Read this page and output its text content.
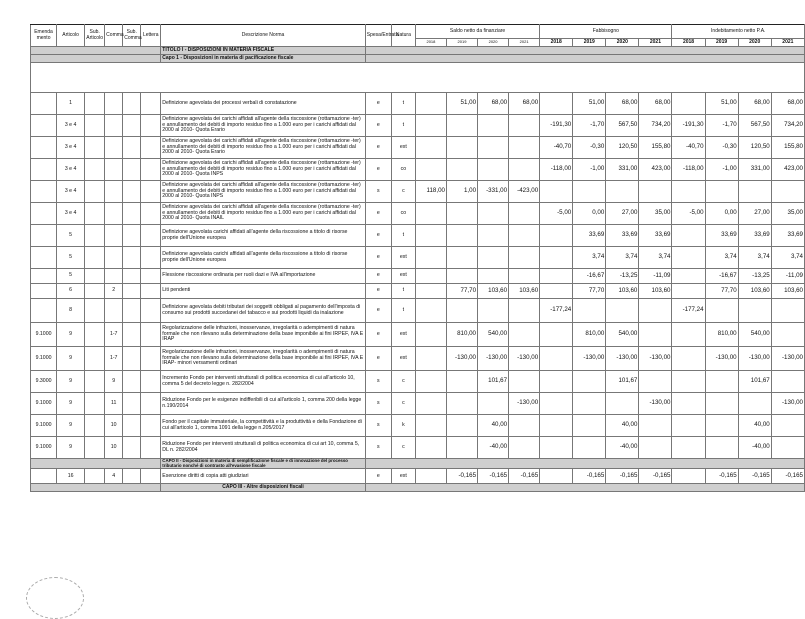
Emenda mento	Articolo	Sub. Articolo	Comma	Sub. Comma	Lettera	Descrizione Norma	Spesa/Entrata	Natura	Saldo netto da finanziare				Fabbisogno				Indebitamento netto P.A.			
									2018	2019	2020	2021	2018	2019	2020	2021	2018	2019	2020	2021
						TITOLO I - DISPOSIZIONI IN MATERIA FISCALE														
						Capo 1 - Disposizioni in materia di pacificazione fiscale														

	1					Definizione agevolata dei processi verbali di constatazione	e	t		51,00	68,00	68,00		51,00	68,00	68,00		51,00	68,00	68,00
	3 e 4					Definizione agevolata dei carichi affidati all'agente della riscossione (rottamazione -ter) e annullamento dei debiti di importo residuo fino a 1.000 euro per i carichi affidati dal 2000 al 2010- Quota Erario	e	t					-191,30	-1,70	567,50	734,20	-191,30	-1,70	567,50	734,20
	3 e 4					Definizione agevolata dei carichi affidati all'agente della riscossione (rottamazione -ter) e annullamento dei debiti di importo residuo fino a 1.000 euro per i carichi affidati dal 2000 al 2010- Quota Erario	e	ext					-40,70	-0,30	120,50	155,80	-40,70	-0,30	120,50	155,80
	3 e 4					Definizione agevolata dei carichi affidati all'agente della riscossione (rottamazione -ter) e annullamento dei debiti di importo residuo fino a 1.000 euro per i carichi affidati dal 2000 al 2010- Quota INPS	e	co					-118,00	-1,00	331,00	423,00	-118,00	-1,00	331,00	423,00
	3 e 4					Definizione agevolata dei carichi affidati all'agente della riscossione (rottamazione -ter) e annullamento dei debiti di importo residuo fino a 1.000 euro per i carichi affidati dal 2000 al 2010- Quota INPS	s	c	118,00	1,00	-331,00	-423,00								
	3 e 4					Definizione agevolata dei carichi affidati all'agente della riscossione (rottamazione -ter) e annullamento dei debiti di importo residuo fino a 1.000 euro per i carichi affidati dal 2000 al 2010- Quota INAIL	e	co					-5,00	0,00	27,00	35,00	-5,00	0,00	27,00	35,00
	5					Definizione agevolata carichi affidati all'agente della riscossione a titolo di risorse proprie dell'Unione europea	e	t						33,69	33,69	33,69		33,69	33,69	33,69
	5					Definizione agevolata carichi affidati all'agente della riscossione a titolo di risorse proprie dell'Unione europea	e	ext						3,74	3,74	3,74		3,74	3,74	3,74
	5					Flessione riscossione ordinaria per ruoli dazi e IVA all'importazione	e	ext						-16,67	-13,25	-11,09		-16,67	-13,25	-11,09
	6		2			Liti pendenti	e	t		77,70	103,60	103,60		77,70	103,60	103,60		77,70	103,60	103,60
	8					Definizione agevolata debiti tributari dei soggetti obbligati al pagamento dell'imposta di consumo sui prodotti succedanei del tabacco e sui prodotti liquidi da inalazione	e	t					-177,24				-177,24			
9.1000	9		1-7			Regolarizzazione delle infrazioni, inosservanze, irregolarità o adempimenti di natura formale che non rilevano sulla determinazione della base imponibile ai fini IRPEF, IVA E IRAP	e	ext		810,00	540,00			810,00	540,00			810,00	540,00	
9.1000	9		1-7			Regolarizzazione delle infrazioni, inosservanze, irregolarità o adempimenti di natura formale che non rilevano sulla determinazione della base imponibile ai fini IRPEF, IVA E IRAP- minori versamenti ordinari	e	ext		-130,00	-130,00	-130,00		-130,00	-130,00	-130,00		-130,00	-130,00	-130,00
9.3000	9		9			Incremento Fondo per interventi strutturali di politica economica di cui all'articolo 10, comma 5 del decreto legge n. 282/2004	s	c			101,67				101,67				101,67	
9.1000	9		11			Riduzione Fondo per le esigenze indifferibili di cui all'articolo 1, comma 200 della legge n.190/2014	s	c				-130,00				-130,00				-130,00
9.1000	9		10			Fondo per il capitale immateriale, la competitività e la produttività e della Fondazione di cui all'articolo 1, comma 1091 della legge n.205/2017	s	k			40,00				40,00				40,00	
9.1000	9		10			Riduzione Fondo per interventi strutturali di politica economica di cui art 10, comma 5, DL n. 282/2004	s	c			-40,00				-40,00				-40,00	
						CAPO II - Disposizioni in materia di semplificazione fiscale e di innovazione del processo tributario nonché di contrasto all'evasione fiscale														
	16		4			Esenzione diritti di copia atti giudiziari	e	ext		-0,165	-0,165	-0,165		-0,165	-0,165	-0,165		-0,165	-0,165	-0,165
						CAPO III - Altre disposizioni fiscali														
